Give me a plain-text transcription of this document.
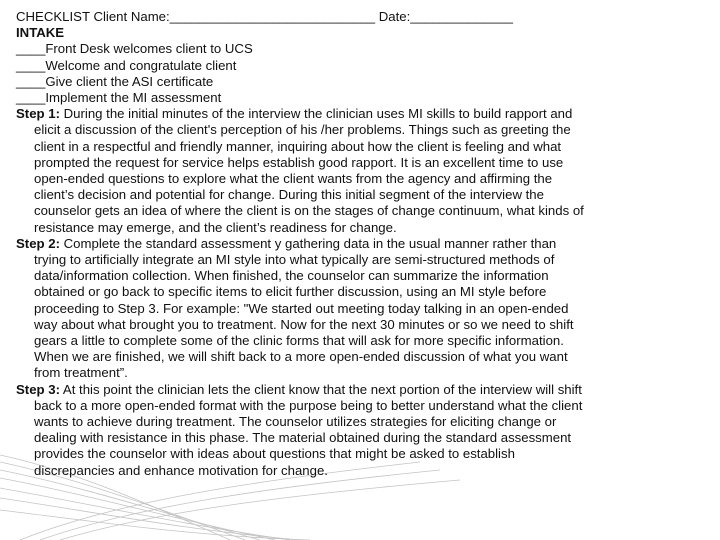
CHECKLIST Client Name:____________________________ Date:______________
INTAKE
____Front Desk welcomes client to UCS
____Welcome and congratulate client
____Give client the ASI certificate
____Implement the MI assessment
Step 1: During the initial minutes of the interview the clinician uses MI skills to build rapport and
elicit a discussion of the client's perception of his /her problems. Things such as greeting the
client in a respectful and friendly manner, inquiring about how the client is feeling and what
prompted the request for service helps establish good rapport. It is an excellent time to use
open-ended questions to explore what the client wants from the agency and affirming the
client’s decision and potential for change. During this initial segment of the interview the
counselor gets an idea of where the client is on the stages of change continuum, what kinds of
resistance may emerge, and the client’s readiness for change.
Step 2: Complete the standard assessment y gathering data in the usual manner rather than
trying to artificially integrate an MI style into what typically are semi-structured methods of
data/information collection. When finished, the counselor can summarize the information
obtained or go back to specific items to elicit further discussion, using an MI style before
proceeding to Step 3. For example: "We started out meeting today talking in an open-ended
way about what brought you to treatment. Now for the next 30 minutes or so we need to shift
gears a little to complete some of the clinic forms that will ask for more specific information.
When we are finished, we will shift back to a more open-ended discussion of what you want
from treatment”.
Step 3: At this point the clinician lets the client know that the next portion of the interview will shift
back to a more open-ended format with the purpose being to better understand what the client
wants to achieve during treatment. The counselor utilizes strategies for eliciting change or
dealing with resistance in this phase. The material obtained during the standard assessment
provides the counselor with ideas about questions that might be asked to establish
discrepancies and enhance motivation for change.
